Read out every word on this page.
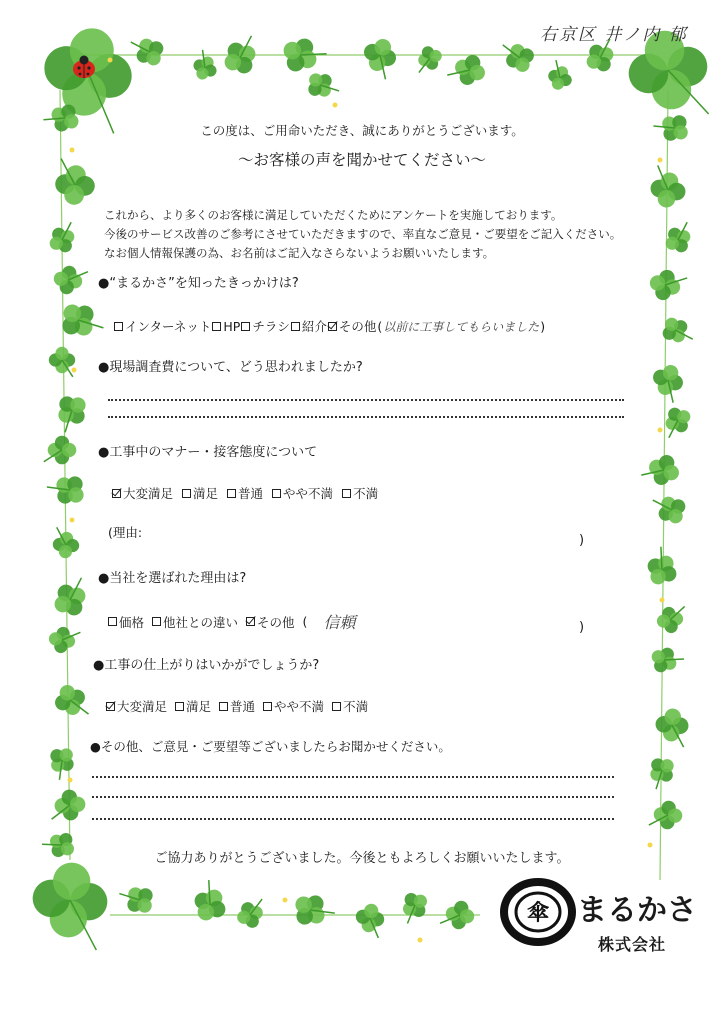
右京区 井ノ内 郁
この度は、ご用命いただき、誠にありがとうございます。
～お客様の声を聞かせてください～
これから、より多くのお客様に満足していただくためにアンケートを実施しております。
今後のサービス改善のご参考にさせていただきますので、率直なご意見・ご要望をご記入ください。
なお個人情報保護の為、お名前はご記入なさらないようお願いいたします。
●“まるかさ”を知ったきっかけは?
インターネット HP チラシ 紹介 その他 ( 以前に工事してもらいました )
●現場調査費について、どう思われましたか?
●工事中のマナー・接客態度について
大変満足 満足 普通 やや不満 不満
(理由:
)
●当社を選ばれた理由は?
価格 他社との違い その他 ( 信頼	)
●工事の仕上がりはいかがでしょうか?
大変満足 満足 普通 やや不満 不満
●その他、ご意見・ご要望等ございましたらお聞かせください。
ご協力ありがとうございました。今後ともよろしくお願いいたします。
傘 まるかさ
株式会社
